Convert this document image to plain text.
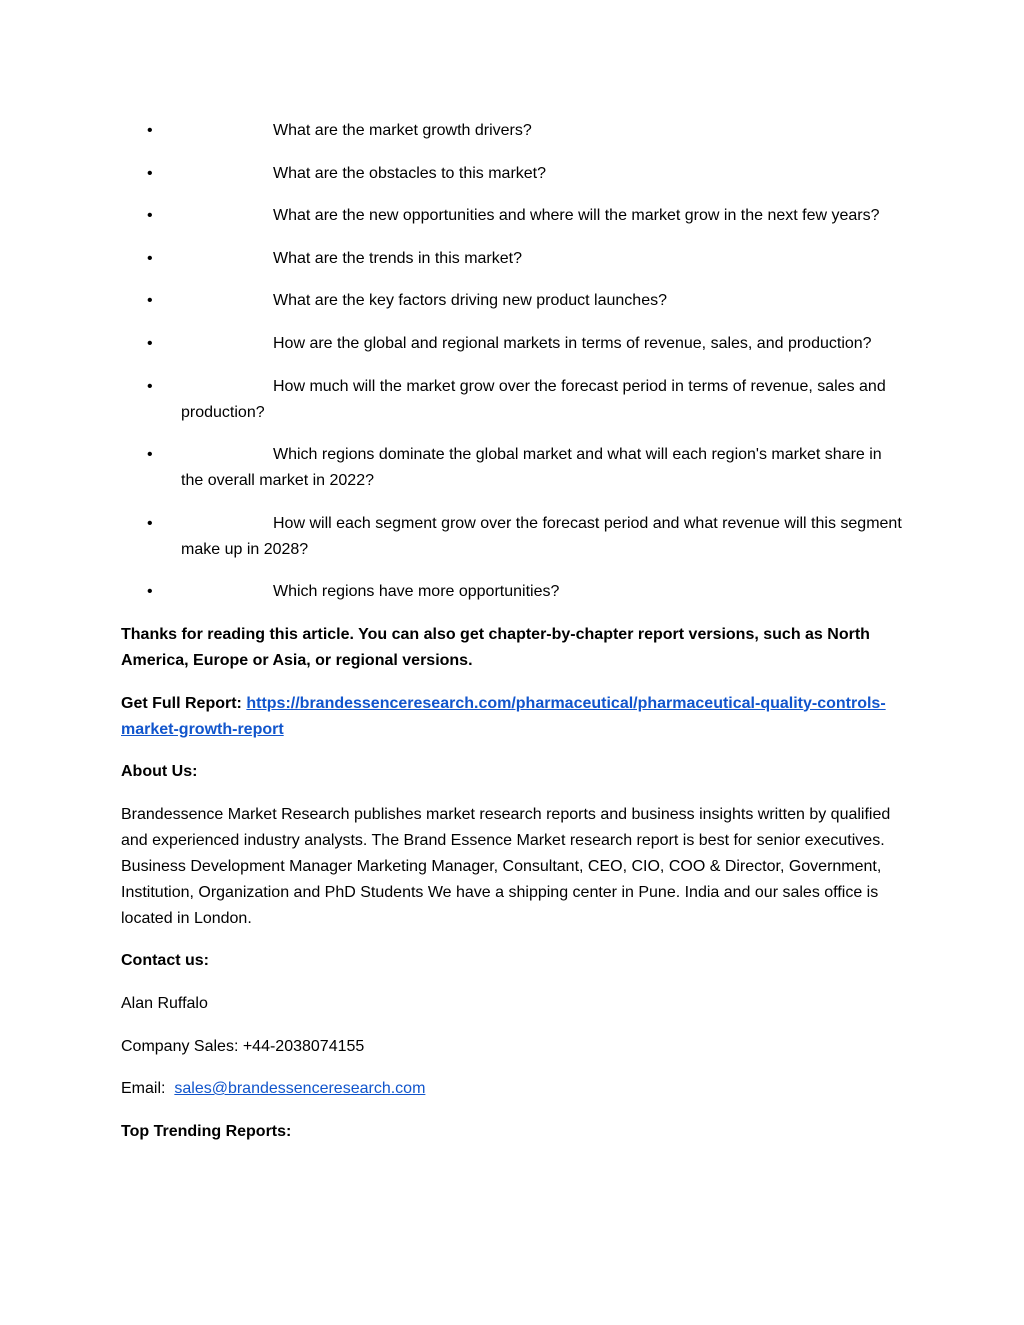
•	What are the market growth drivers?
•	What are the obstacles to this market?
•	What are the new opportunities and where will the market grow in the next few years?
•	What are the trends in this market?
•	What are the key factors driving new product launches?
•	How are the global and regional markets in terms of revenue, sales, and production?
•	How much will the market grow over the forecast period in terms of revenue, sales and production?
•	Which regions dominate the global market and what will each region's market share in the overall market in 2022?
•	How will each segment grow over the forecast period and what revenue will this segment make up in 2028?
•	Which regions have more opportunities?

Thanks for reading this article. You can also get chapter-by-chapter report versions, such as North America, Europe or Asia, or regional versions.

Get Full Report: https://brandessenceresearch.com/pharmaceutical/pharmaceutical-quality-controls-market-growth-report

About Us:

Brandessence Market Research publishes market research reports and business insights written by qualified and experienced industry analysts. The Brand Essence Market research report is best for senior executives. Business Development Manager Marketing Manager, Consultant, CEO, CIO, COO & Director, Government, Institution, Organization and PhD Students We have a shipping center in Pune. India and our sales office is located in London.

Contact us:

Alan Ruffalo

Company Sales: +44-2038074155

Email:  sales@brandessenceresearch.com

Top Trending Reports:
